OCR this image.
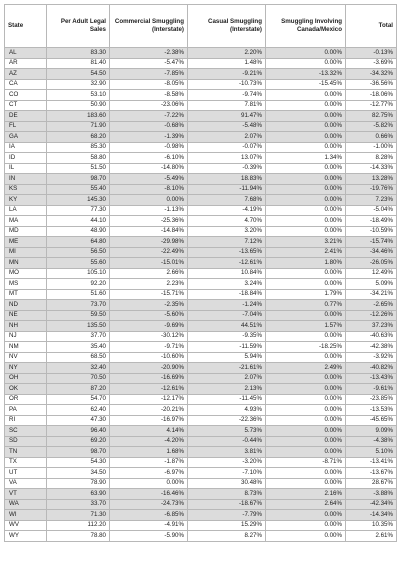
State	Per Adult Legal Sales	Commercial Smuggling (Interstate)	Casual Smuggling (Interstate)	Smuggling Involving Canada/Mexico	Total
AL	83.30	-2.38%	2.20%	0.00%	-0.13%
AR	81.40	-5.47%	1.48%	0.00%	-3.69%
AZ	54.50	-7.85%	-9.21%	-13.32%	-34.32%
CA	32.90	-8.05%	-10.73%	-15.45%	-36.56%
CO	53.10	-8.58%	-9.74%	0.00%	-18.06%
CT	50.90	-23.06%	7.81%	0.00%	-12.77%
DE	183.60	-7.22%	91.47%	0.00%	82.75%
FL	71.90	-0.68%	-5.48%	0.00%	-5.82%
GA	68.20	-1.39%	2.07%	0.00%	0.66%
IA	85.30	-0.98%	-0.07%	0.00%	-1.00%
ID	58.80	-6.10%	13.07%	1.34%	8.28%
IL	51.50	-14.80%	-0.39%	0.00%	-14.33%
IN	98.70	-5.49%	18.83%	0.00%	13.28%
KS	55.40	-8.10%	-11.94%	0.00%	-19.76%
KY	145.30	0.00%	7.68%	0.00%	7.23%
LA	77.30	-1.13%	-4.19%	0.00%	-5.04%
MA	44.10	-25.36%	4.70%	0.00%	-18.49%
MD	48.90	-14.84%	3.20%	0.00%	-10.59%
ME	64.80	-29.98%	7.12%	3.21%	-15.74%
MI	56.50	-22.49%	-13.65%	2.41%	-34.46%
MN	55.60	-15.01%	-12.61%	1.80%	-26.05%
MO	105.10	2.66%	10.84%	0.00%	12.49%
MS	92.20	2.23%	3.24%	0.00%	5.09%
MT	51.60	-15.71%	-18.84%	1.79%	-34.21%
ND	73.70	-2.35%	-1.24%	0.77%	-2.65%
NE	59.50	-5.60%	-7.04%	0.00%	-12.26%
NH	135.50	-9.69%	44.51%	1.57%	37.23%
NJ	37.70	-30.12%	-9.35%	0.00%	-40.63%
NM	35.40	-9.71%	-11.59%	-18.25%	-42.38%
NV	68.50	-10.60%	5.94%	0.00%	-3.92%
NY	32.40	-20.90%	-21.61%	2.49%	-40.82%
OH	70.50	-16.69%	2.07%	0.00%	-13.43%
OK	87.20	-12.61%	2.13%	0.00%	-9.61%
OR	54.70	-12.17%	-11.45%	0.00%	-23.85%
PA	62.40	-20.21%	4.93%	0.00%	-13.53%
RI	47.30	-16.97%	-22.36%	0.00%	-45.65%
SC	96.40	4.14%	5.73%	0.00%	9.09%
SD	69.20	-4.20%	-0.44%	0.00%	-4.38%
TN	98.70	1.68%	3.81%	0.00%	5.10%
TX	54.30	-1.87%	-3.20%	-8.71%	-13.41%
UT	34.50	-6.97%	-7.10%	0.00%	-13.67%
VA	78.90	0.00%	30.48%	0.00%	28.67%
VT	63.90	-16.46%	8.73%	2.16%	-3.88%
WA	33.70	-24.73%	-18.67%	2.64%	-42.34%
WI	71.30	-6.85%	-7.79%	0.00%	-14.34%
WV	112.20	-4.91%	15.29%	0.00%	10.35%
WY	78.80	-5.90%	8.27%	0.00%	2.61%
